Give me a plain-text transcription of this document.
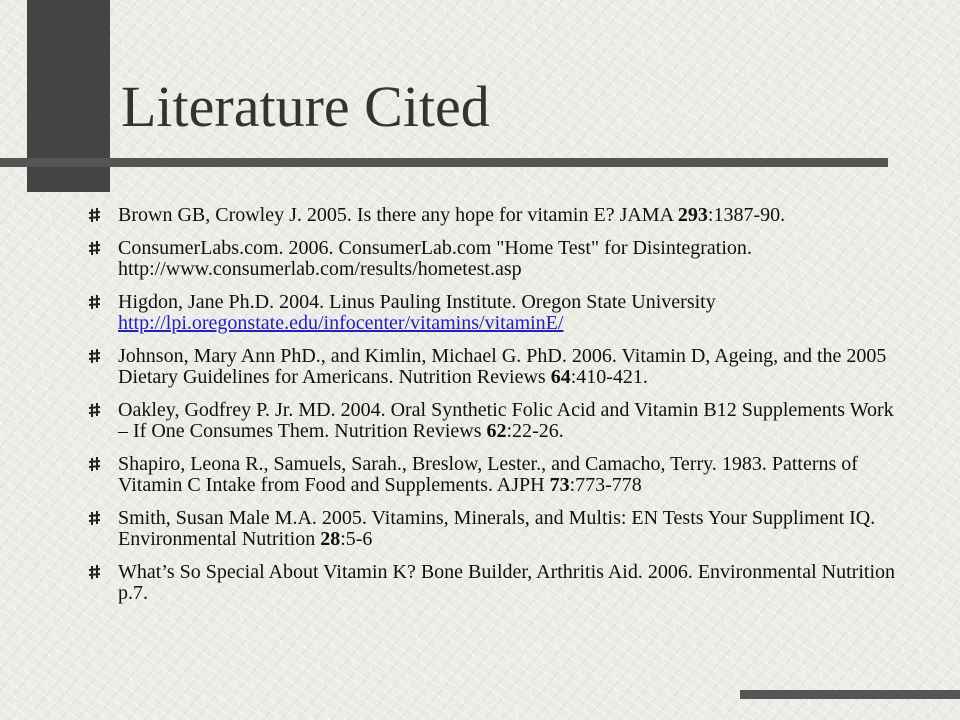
Literature Cited
Brown GB, Crowley J. 2005. Is there any hope for vitamin E? JAMA 293:1387-90.
ConsumerLabs.com. 2006. ConsumerLab.com "Home Test" for Disintegration. http://www.consumerlab.com/results/hometest.asp
Higdon, Jane Ph.D. 2004. Linus Pauling Institute. Oregon State University http://lpi.oregonstate.edu/infocenter/vitamins/vitaminE/
Johnson, Mary Ann PhD., and Kimlin, Michael G. PhD. 2006. Vitamin D, Ageing, and the 2005 Dietary Guidelines for Americans. Nutrition Reviews 64:410-421.
Oakley, Godfrey P. Jr. MD. 2004. Oral Synthetic Folic Acid and Vitamin B12 Supplements Work – If One Consumes Them. Nutrition Reviews 62:22-26.
Shapiro, Leona R., Samuels, Sarah., Breslow, Lester., and Camacho, Terry. 1983. Patterns of Vitamin C Intake from Food and Supplements. AJPH 73:773-778
Smith, Susan Male M.A. 2005. Vitamins, Minerals, and Multis: EN Tests Your Suppliment IQ. Environmental Nutrition 28:5-6
What’s So Special About Vitamin K? Bone Builder, Arthritis Aid. 2006. Environmental Nutrition p.7.
